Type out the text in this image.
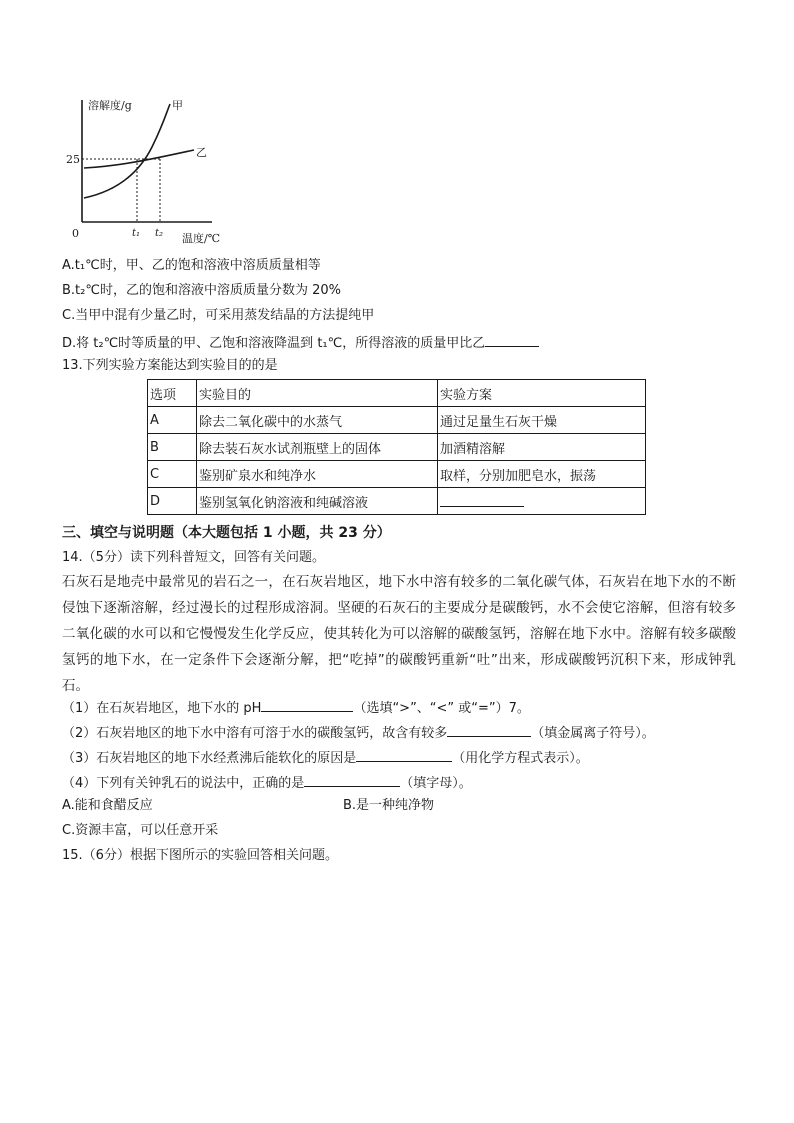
溶解度/g	甲
乙
25
0	t₁ t₂ 温度/℃
A.t₁℃时，甲、乙的饱和溶液中溶质质量相等
B.t₂℃时，乙的饱和溶液中溶质质量分数为 20%
C.当甲中混有少量乙时，可采用蒸发结晶的方法提纯甲
D.将 t₂℃时等质量的甲、乙饱和溶液降温到 t₁℃，所得溶液的质量甲比乙
13.下列实验方案能达到实验目的的是
选项	实验目的	实验方案
A	除去二氧化碳中的水蒸气	通过足量生石灰干燥
B	除去装石灰水试剂瓶壁上的固体	加酒精溶解
C	鉴别矿泉水和纯净水	取样，分别加肥皂水，振荡
D	鉴别氢氧化钠溶液和纯碱溶液	
三、填空与说明题（本大题包括 1 小题，共 23 分）
14.（5分）读下列科普短文，回答有关问题。
石灰石是地壳中最常见的岩石之一，在石灰岩地区，地下水中溶有较多的二氧化碳气体，石灰岩在地下水的不断侵蚀下逐渐溶解，经过漫长的过程形成溶洞。坚硬的石灰石的主要成分是碳酸钙，水不会使它溶解，但溶有较多二氧化碳的水可以和它慢慢发生化学反应，使其转化为可以溶解的碳酸氢钙，溶解在地下水中。溶解有较多碳酸氢钙的地下水，在一定条件下会逐渐分解，把“吃掉”的碳酸钙重新“吐”出来，形成碳酸钙沉积下来，形成钟乳石。
（1）在石灰岩地区，地下水的 pH	（选填“>”、“<” 或“=”）7。
（2）石灰岩地区的地下水中溶有可溶于水的碳酸氢钙，故含有较多	（填金属离子符号）。
（3）石灰岩地区的地下水经煮沸后能软化的原因是	（用化学方程式表示）。
（4）下列有关钟乳石的说法中，正确的是	（填字母）。
A.能和食醋反应	B.是一种纯净物
C.资源丰富，可以任意开采
15.（6分）根据下图所示的实验回答相关问题。
